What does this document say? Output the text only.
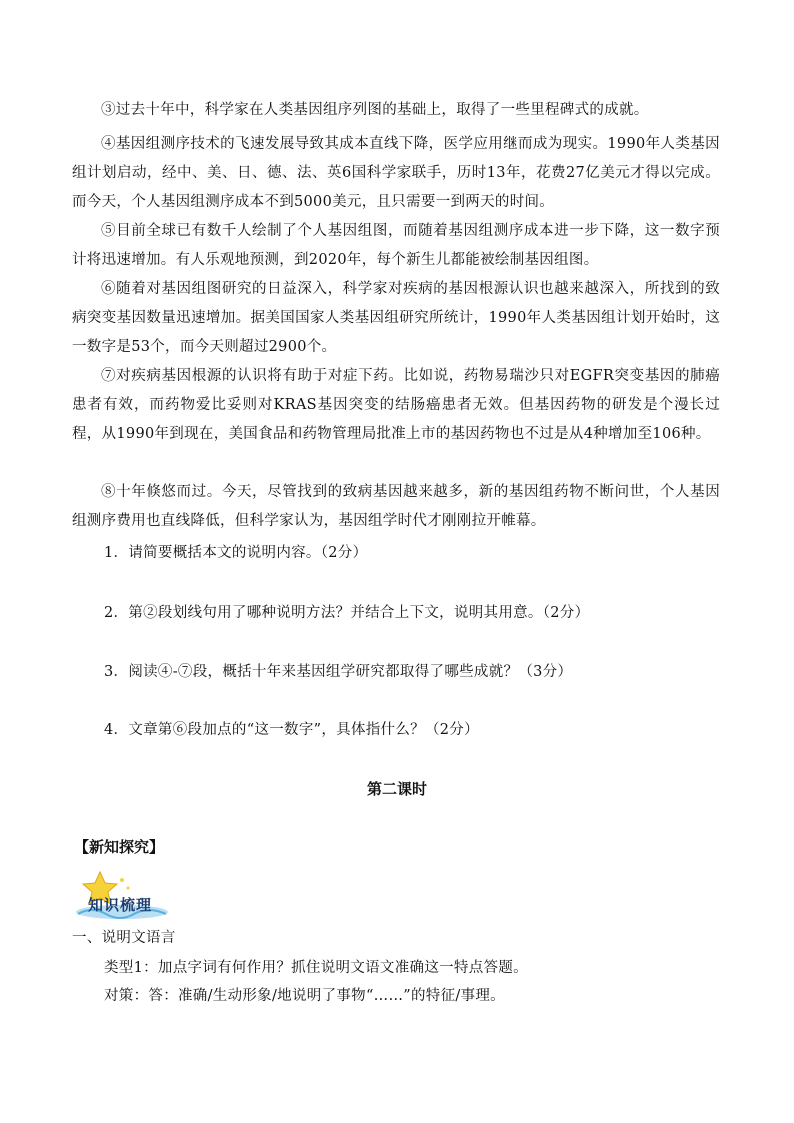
③过去十年中，科学家在人类基因组序列图的基础上，取得了一些里程碑式的成就。

④基因组测序技术的飞速发展导致其成本直线下降，医学应用继而成为现实。1990年人类基因组计划启动，经中、美、日、德、法、英6国科学家联手，历时13年，花费27亿美元才得以完成。而今天，个人基因组测序成本不到5000美元，且只需要一到两天的时间。

⑤目前全球已有数千人绘制了个人基因组图，而随着基因组测序成本进一步下降，这一数字预计将迅速增加。有人乐观地预测，到2020年，每个新生儿都能被绘制基因组图。

⑥随着对基因组图研究的日益深入，科学家对疾病的基因根源认识也越来越深入，所找到的致病突变基因数量迅速增加。据美国国家人类基因组研究所统计，1990年人类基因组计划开始时，这一数字是53个，而今天则超过2900个。

⑦对疾病基因根源的认识将有助于对症下药。比如说，药物易瑞沙只对EGFR突变基因的肺癌患者有效，而药物爱比妥则对KRAS基因突变的结肠癌患者无效。但基因药物的研发是个漫长过程，从1990年到现在，美国食品和药物管理局批准上市的基因药物也不过是从4种增加至106种。

⑧十年倏悠而过。今天，尽管找到的致病基因越来越多，新的基因组药物不断问世，个人基因组测序费用也直线降低，但科学家认为，基因组学时代才刚刚拉开帷幕。

1．请简要概括本文的说明内容。（2分）

2．第②段划线句用了哪种说明方法？并结合上下文，说明其用意。（2分）

3．阅读④-⑦段，概括十年来基因组学研究都取得了哪些成就？（3分）

4．文章第⑥段加点的“这一数字”，具体指什么？（2分）

第二课时

【新知探究】

知识梳理

一、说明文语言

类型1：加点字词有何作用？抓住说明文语文准确这一特点答题。

对策：答：准确/生动形象/地说明了事物“……”的特征/事理。
